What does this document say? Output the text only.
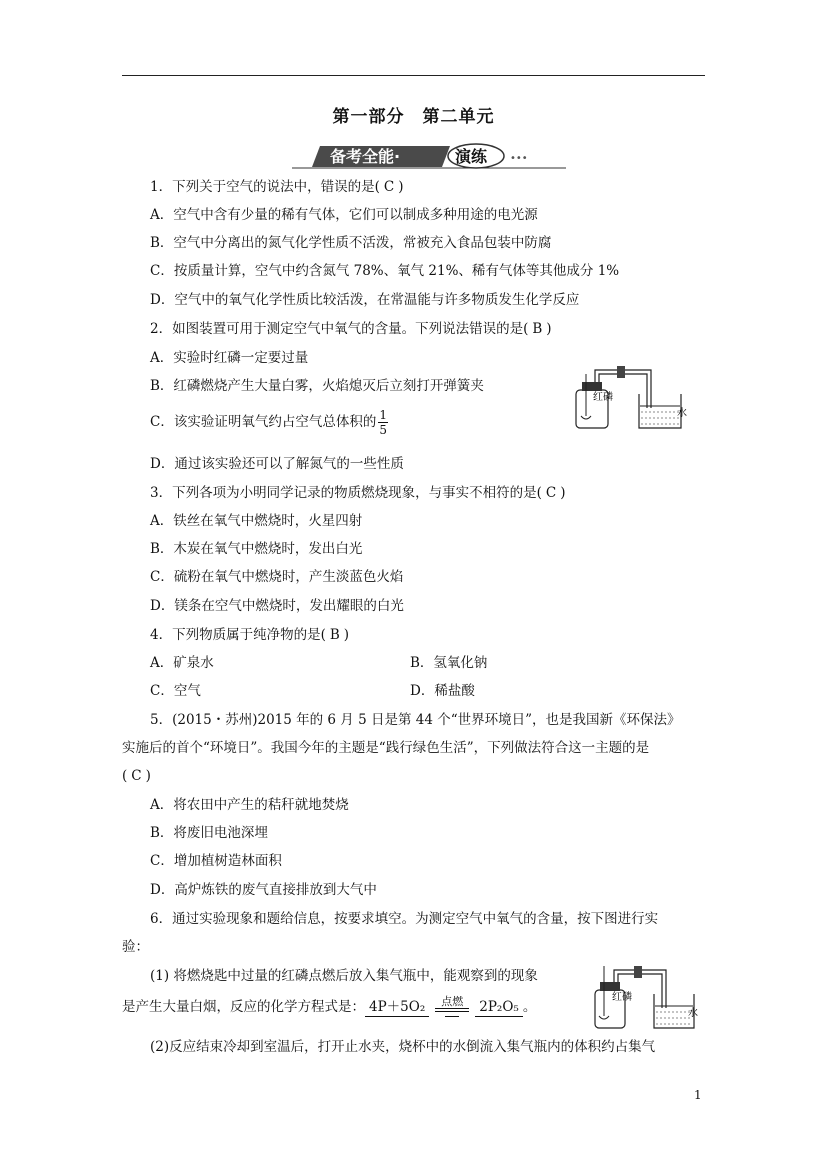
第一部分　第二单元
备考全能·	演练 •••
1．下列关于空气的说法中，错误的是( C )
A．空气中含有少量的稀有气体，它们可以制成多种用途的电光源
B．空气中分离出的氮气化学性质不活泼，常被充入食品包装中防腐
C．按质量计算，空气中约含氮气 78%、氧气 21%、稀有气体等其他成分 1%
D．空气中的氧气化学性质比较活泼，在常温能与许多物质发生化学反应
2．如图装置可用于测定空气中氧气的含量。下列说法错误的是( B )
A．实验时红磷一定要过量
B．红磷燃烧产生大量白雾，火焰熄灭后立刻打开弹簧夹
C．该实验证明氧气约占空气总体积的 $\frac{1}{5}$
D．通过该实验还可以了解氮气的一些性质
红磷
水
3．下列各项为小明同学记录的物质燃烧现象，与事实不相符的是( C )
A．铁丝在氧气中燃烧时，火星四射
B．木炭在氧气中燃烧时，发出白光
C．硫粉在氧气中燃烧时，产生淡蓝色火焰
D．镁条在空气中燃烧时，发出耀眼的白光
4．下列物质属于纯净物的是( B )
A．矿泉水	B．氢氧化钠
C．空气	D．稀盐酸
5．(2015・苏州)2015 年的 6 月 5 日是第 44 个“世界环境日”，也是我国新《环保法》
实施后的首个“环境日”。我国今年的主题是“践行绿色生活”，下列做法符合这一主题的是
( C )
A．将农田中产生的秸秆就地焚烧
B．将废旧电池深埋
C．增加植树造林面积
D．高炉炼铁的废气直接排放到大气中
6．通过实验现象和题给信息，按要求填空。为测定空气中氧气的含量，按下图进行实
验：
(1) 将燃烧匙中过量的红磷点燃后放入集气瓶中，能观察到的现象
是产生大量白烟，反应的化学方程式是： 4P＋5O₂ 点燃 2P₂O₅ 。
(2)反应结束冷却到室温后，打开止水夹，烧杯中的水倒流入集气瓶内的体积约占集气
红磷
水
1
